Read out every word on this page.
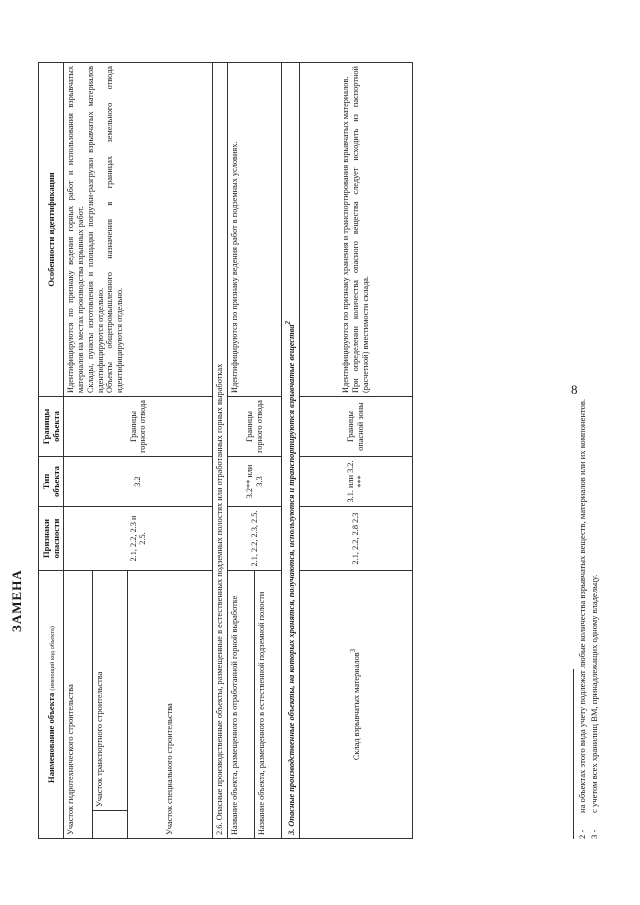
8
ЗАМЕНА
Наименование объекта (имеющий код объекта)		Признаки опасности	Тип объекта	Границы объекта	Особенности идентификации
Участок гидротехнического строительства		2.1, 2.2, 2.3 и 2.5.	3.2	Границы горного отвода	Идентифицируются по признаку ведения горных работ и использования взрывчатых материалов на местах производства взрывных работ. Склады, пункты изготовления и площадки погрузки-разгрузки взрывчатых материалов идентифицируются отдельно. Объекты общепромышленного назначения в границах земельного отвода идентифицируются отдельно.

	Участок транспортного строительства				
Участок специального строительства					
2.6. Опасные производственные объекты, размещенные в естественных подземных полостях или отработанных горных выработках					
Название объекта, размещенного в отработанной горной выработке		2.1, 2.2, 2.3, 2.5.	3.2** или 3.3	Границы горного отвода	Идентифицируются по признаку ведения работ в подземных условиях.
Название объекта, размещенного в естественной подземной полости					
3. Опасные производственные объекты, на которых хранятся, получаются, используются и транспортируются взрывчатые вещества$^2$
Склад взрывчатых материалов$^3$		2.1, 2.2, 2.8 2.3	3.1. или 3.2. ***	Границы опасной зоны	Идентифицируются по признаку хранения и транспортирования взрывчатых материалов. При определении количества опасного вещества следует исходить из паспортной (расчетной) вместимости склада.
2 -на объектах этого вида учету подлежат любые количества взрывчатых веществ, материалов или их компонентов.
3 -с учетом всех хранилищ ВМ, принадлежащих одному владельцу.
